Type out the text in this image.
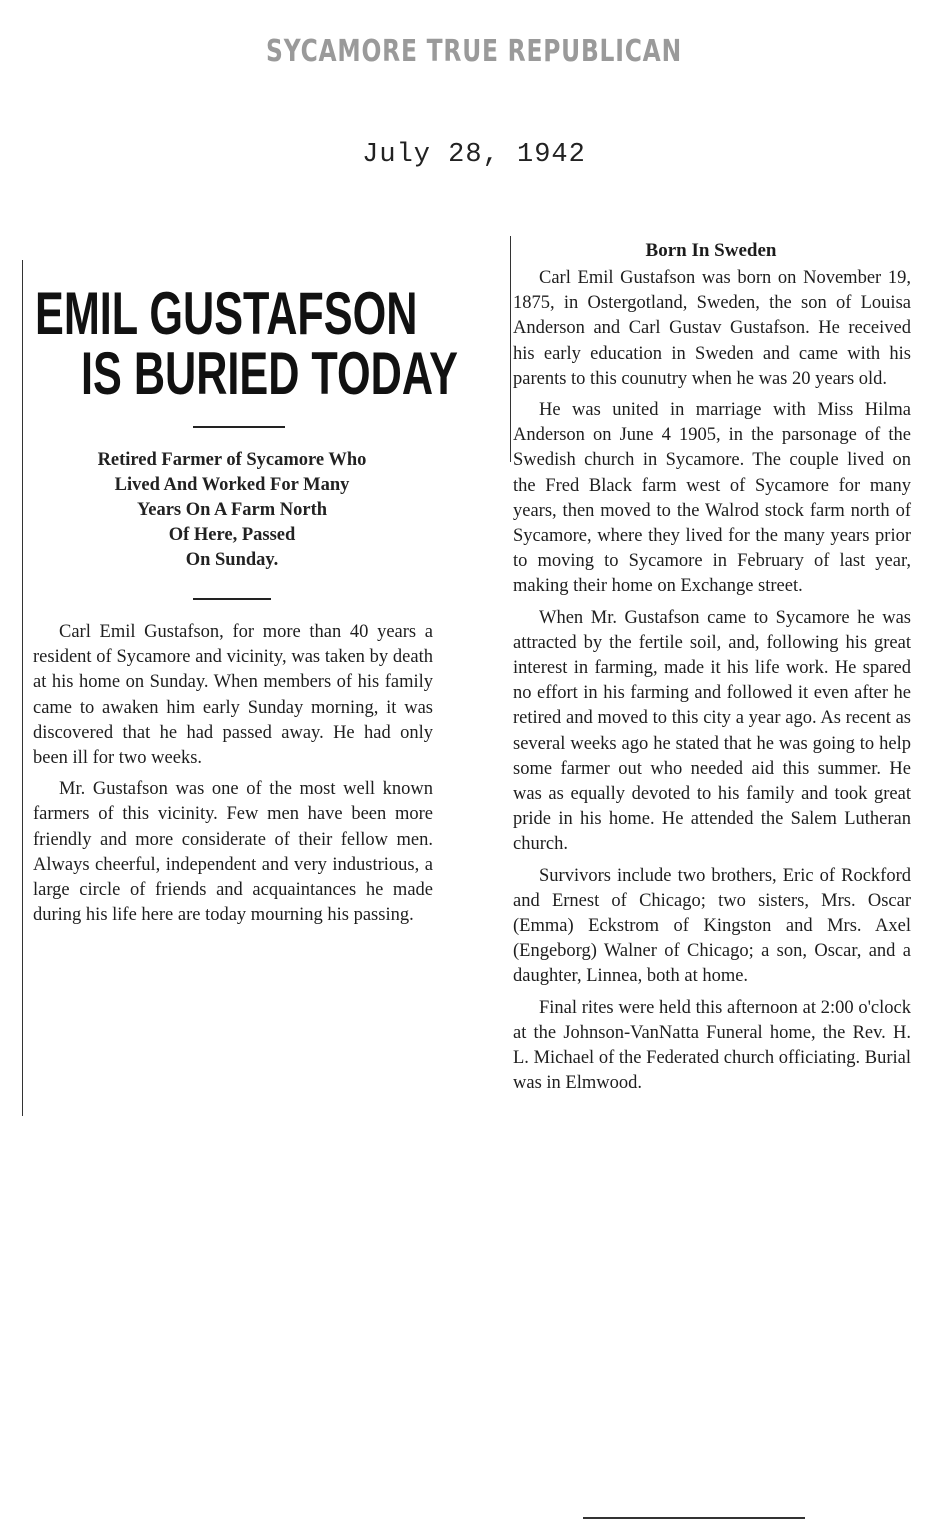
SYCAMORE TRUE REPUBLICAN
July 28, 1942
EMIL GUSTAFSON
IS BURIED TODAY
Retired Farmer of Sycamore Who
Lived And Worked For Many
Years On A Farm North
Of Here, Passed
On Sunday.

Carl Emil Gustafson, for more than 40 years a resident of Sycamore and vicinity, was taken by death at his home on Sunday. When members of his family came to awaken him early Sunday morning, it was discovered that he had passed away. He had only been ill for two weeks.

Mr. Gustafson was one of the most well known farmers of this vicinity. Few men have been more friendly and more considerate of their fellow men. Always cheerful, independent and very industrious, a large circle of friends and acquaintances he made during his life here are today mourning his passing.

Born In Sweden

Carl Emil Gustafson was born on November 19, 1875, in Ostergotland, Sweden, the son of Louisa Anderson and Carl Gustav Gustafson. He received his early education in Sweden and came with his parents to this counutry when he was 20 years old.

He was united in marriage with Miss Hilma Anderson on June 4 1905, in the parsonage of the Swedish church in Sycamore. The couple lived on the Fred Black farm west of Sycamore for many years, then moved to the Walrod stock farm north of Sycamore, where they lived for the many years prior to moving to Sycamore in February of last year, making their home on Exchange street.

When Mr. Gustafson came to Sycamore he was attracted by the fertile soil, and, following his great interest in farming, made it his life work. He spared no effort in his farming and followed it even after he retired and moved to this city a year ago. As recent as several weeks ago he stated that he was going to help some farmer out who needed aid this summer. He was as equally devoted to his family and took great pride in his home. He attended the Salem Lutheran church.

Survivors include two brothers, Eric of Rockford and Ernest of Chicago; two sisters, Mrs. Oscar (Emma) Eckstrom of Kingston and Mrs. Axel (Engeborg) Walner of Chicago; a son, Oscar, and a daughter, Linnea, both at home.

Final rites were held this afternoon at 2:00 o'clock at the Johnson-VanNatta Funeral home, the Rev. H. L. Michael of the Federated church officiating. Burial was in Elmwood.
